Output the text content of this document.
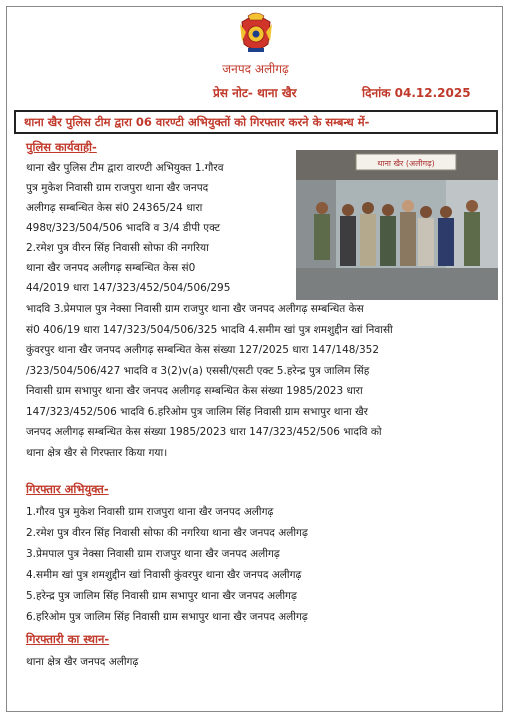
जनपद अलीगढ़
प्रेस नोट- थाना खैर	दिनांक 04.12.2025
थाना खैर पुलिस टीम द्वारा 06 वारण्टी अभियुक्तों को गिरफ्तार करने के सम्बन्ध में-
पुलिस कार्यवाही-
थाना खैर पुलिस टीम द्वारा वारण्टी अभियुक्त 1.गौरव
पुत्र मुकेश निवासी ग्राम राजपुरा थाना खैर जनपद
अलीगढ़ सम्बन्धित केस सं0 24365/24 धारा
498ए/323/504/506 भादवि व 3/4 डीपी एक्ट
2.रमेश पुत्र वीरन सिंह निवासी सोफा की नगरिया
थाना खैर जनपद अलीगढ़ सम्बन्धित केस सं0
44/2019 धारा 147/323/452/504/506/295
थाना खैर (अलीगढ़)
भादवि 3.प्रेमपाल पुत्र नेक्सा निवासी ग्राम राजपुर थाना खैर जनपद अलीगढ़ सम्बन्धित केस
सं0 406/19 धारा 147/323/504/506/325 भादवि 4.समीम खां पुत्र शमशुद्दीन खां निवासी
कुंवरपुर थाना खैर जनपद अलीगढ़ सम्बन्धित केस संख्या 127/2025 धारा 147/148/352
/323/504/506/427 भादवि व 3(2)v(a) एससी/एसटी एक्ट 5.हरेन्द्र पुत्र जालिम सिंह
निवासी ग्राम सभापुर थाना खैर जनपद अलीगढ़ सम्बन्धित केस संख्या 1985/2023 धारा
147/323/452/506 भादवि 6.हरिओम पुत्र जालिम सिंह निवासी ग्राम सभापुर थाना खैर
जनपद अलीगढ़ सम्बन्धित केस संख्या 1985/2023 धारा 147/323/452/506 भादवि को
थाना क्षेत्र खैर से गिरफ्तार किया गया।
गिरफ्तार अभियुक्त-
1.गौरव पुत्र मुकेश निवासी ग्राम राजपुरा थाना खैर जनपद अलीगढ़
2.रमेश पुत्र वीरन सिंह निवासी सोफा की नगरिया थाना खैर जनपद अलीगढ़
3.प्रेमपाल पुत्र नेक्सा निवासी ग्राम राजपुर थाना खैर जनपद अलीगढ़
4.समीम खां पुत्र शमशुद्दीन खां निवासी कुंवरपुर थाना खैर जनपद अलीगढ़
5.हरेन्द्र पुत्र जालिम सिंह निवासी ग्राम सभापुर थाना खैर जनपद अलीगढ़
6.हरिओम पुत्र जालिम सिंह निवासी ग्राम सभापुर थाना खैर जनपद अलीगढ़
गिरफ्तारी का स्थान-
थाना क्षेत्र खैर जनपद अलीगढ़
